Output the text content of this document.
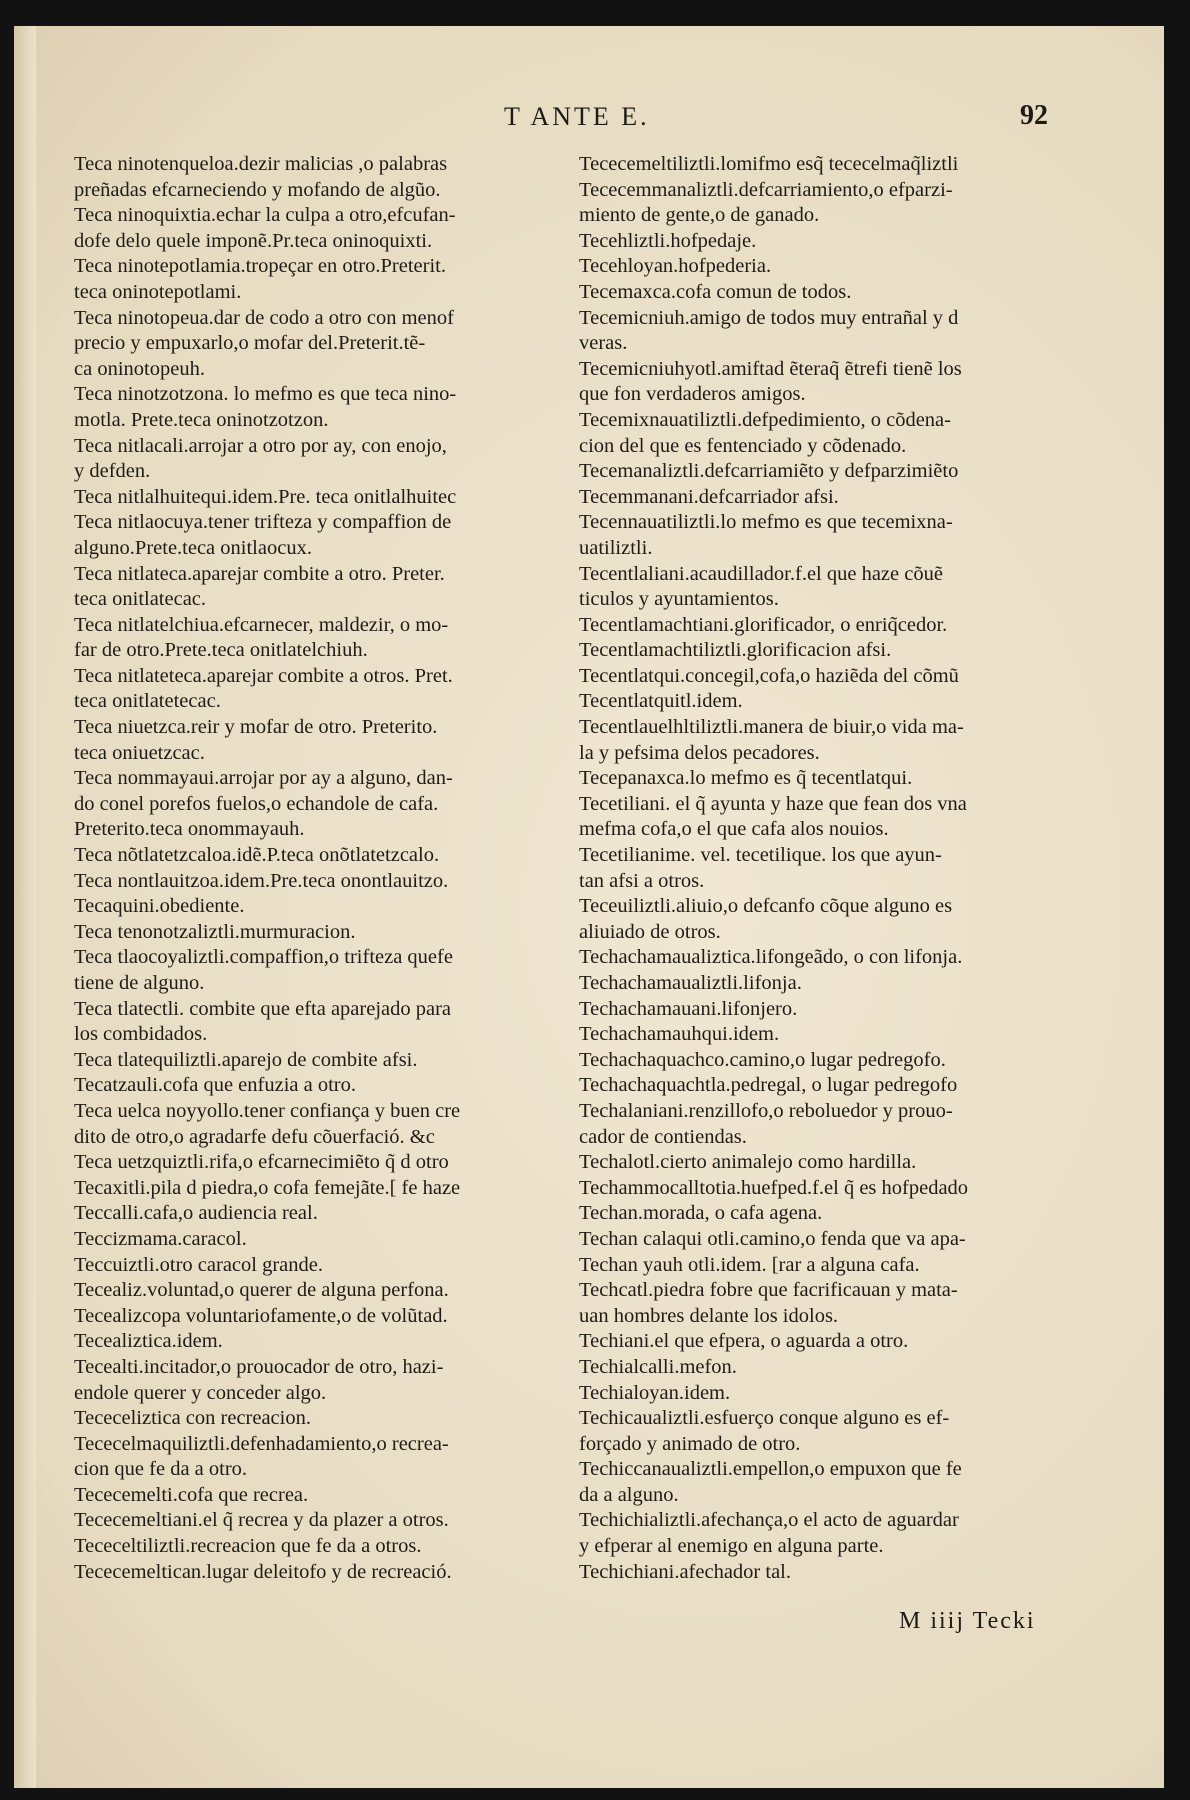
T ANTE E.	92
Teca ninotenqueloa.dezir malicias ,o palabras
preñadas efcarneciendo y mofando de algũo.
Teca ninoquixtia.echar la culpa a otro,efcufan-
dofe delo quele imponẽ.Pr.teca oninoquixti.
Teca ninotepotlamia.tropeçar en otro.Preterit.
teca oninotepotlami.
Teca ninotopeua.dar de codo a otro con menof
precio y empuxarlo,o mofar del.Preterit.tẽ-
ca oninotopeuh.
Teca ninotzotzona. lo mefmo es que teca nino-
motla. Prete.teca oninotzotzon.
Teca nitlacali.arrojar a otro por ay, con enojo,
y defden.
Teca nitlalhuitequi.idem.Pre. teca onitlalhuitec
Teca nitlaocuya.tener trifteza y compaffion de
alguno.Prete.teca onitlaocux.
Teca nitlateca.aparejar combite a otro. Preter.
teca onitlatecac.
Teca nitlatelchiua.efcarnecer, maldezir, o mo-
far de otro.Prete.teca onitlatelchiuh.
Teca nitlateteca.aparejar combite a otros. Pret.
teca onitlatetecac.
Teca niuetzca.reir y mofar de otro. Preterito.
teca oniuetzcac.
Teca nommayaui.arrojar por ay a alguno, dan-
do conel porefos fuelos,o echandole de cafa.
Preterito.teca onommayauh.
Teca nõtlatetzcaloa.idẽ.P.teca onõtlatetzcalo.
Teca nontlauitzoa.idem.Pre.teca onontlauitzo.
Tecaquini.obediente.
Teca tenonotzaliztli.murmuracion.
Teca tlaocoyaliztli.compaffion,o trifteza quefe
tiene de alguno.
Teca tlatectli. combite que efta aparejado para
los combidados.
Teca tlatequiliztli.aparejo de combite afsi.
Tecatzauli.cofa que enfuzia a otro.
Teca uelca noyyollo.tener confiança y buen cre
dito de otro,o agradarfe defu cõuerfació. &c
Teca uetzquiztli.rifa,o efcarnecimiẽto q̃ d otro
Tecaxitli.pila d piedra,o cofa femejãte.[ fe haze
Teccalli.cafa,o audiencia real.
Teccizmama.caracol.
Teccuiztli.otro caracol grande.
Tecealiz.voluntad,o querer de alguna perfona.
Tecealizcopa voluntariofamente,o de volũtad.
Tecealiztica.idem.
Tecealti.incitador,o prouocador de otro, hazi-
endole querer y conceder algo.
Tececeliztica con recreacion.
Tececelmaquiliztli.defenhadamiento,o recrea-
cion que fe da a otro.
Tececemelti.cofa que recrea.
Tececemeltiani.el q̃ recrea y da plazer a otros.
Tececeltiliztli.recreacion que fe da a otros.
Tececemeltican.lugar deleitofo y de recreació.
Tececemeltiliztli.lomifmo esq̃ tececelmaq̃liztli
Tececemmanaliztli.defcarriamiento,o efparzi-
miento de gente,o de ganado.
Tecehliztli.hofpedaje.
Tecehloyan.hofpederia.
Tecemaxca.cofa comun de todos.
Tecemicniuh.amigo de todos muy entrañal y d
veras.
Tecemicniuhyotl.amiftad ẽteraq̃ ẽtrefi tienẽ los
que fon verdaderos amigos.
Tecemixnauatiliztli.defpedimiento, o cõdena-
cion del que es fentenciado y cõdenado.
Tecemanaliztli.defcarriamiẽto y defparzimiẽto
Tecemmanani.defcarriador afsi.
Tecennauatiliztli.lo mefmo es que tecemixna-
uatiliztli.
Tecentlaliani.acaudillador.f.el que haze cõuẽ
ticulos y ayuntamientos.
Tecentlamachtiani.glorificador, o enriq̃cedor.
Tecentlamachtiliztli.glorificacion afsi.
Tecentlatqui.concegil,cofa,o haziẽda del cõmũ
Tecentlatquitl.idem.
Tecentlauelhltiliztli.manera de biuir,o vida ma-
la y pefsima delos pecadores.
Tecepanaxca.lo mefmo es q̃ tecentlatqui.
Tecetiliani. el q̃ ayunta y haze que fean dos vna
mefma cofa,o el que cafa alos nouios.
Tecetilianime. vel. tecetilique. los que ayun-
tan afsi a otros.
Teceuiliztli.aliuio,o defcanfo cõque alguno es
aliuiado de otros.
Techachamaualiztica.lifongeãdo, o con lifonja.
Techachamaualiztli.lifonja.
Techachamauani.lifonjero.
Techachamauhqui.idem.
Techachaquachco.camino,o lugar pedregofo.
Techachaquachtla.pedregal, o lugar pedregofo
Techalaniani.renzillofo,o reboluedor y prouo-
cador de contiendas.
Techalotl.cierto animalejo como hardilla.
Techammocalltotia.huefped.f.el q̃ es hofpedado
Techan.morada, o cafa agena.
Techan calaqui otli.camino,o fenda que va apa-
Techan yauh otli.idem. [rar a alguna cafa.
Techcatl.piedra fobre que facrificauan y mata-
uan hombres delante los idolos.
Techiani.el que efpera, o aguarda a otro.
Techialcalli.mefon.
Techialoyan.idem.
Techicaualiztli.esfuerço conque alguno es ef-
forçado y animado de otro.
Techiccanaualiztli.empellon,o empuxon que fe
da a alguno.
Techichializtli.afechança,o el acto de aguardar
y efperar al enemigo en alguna parte.
Techichiani.afechador tal.
M iiij Tecki
